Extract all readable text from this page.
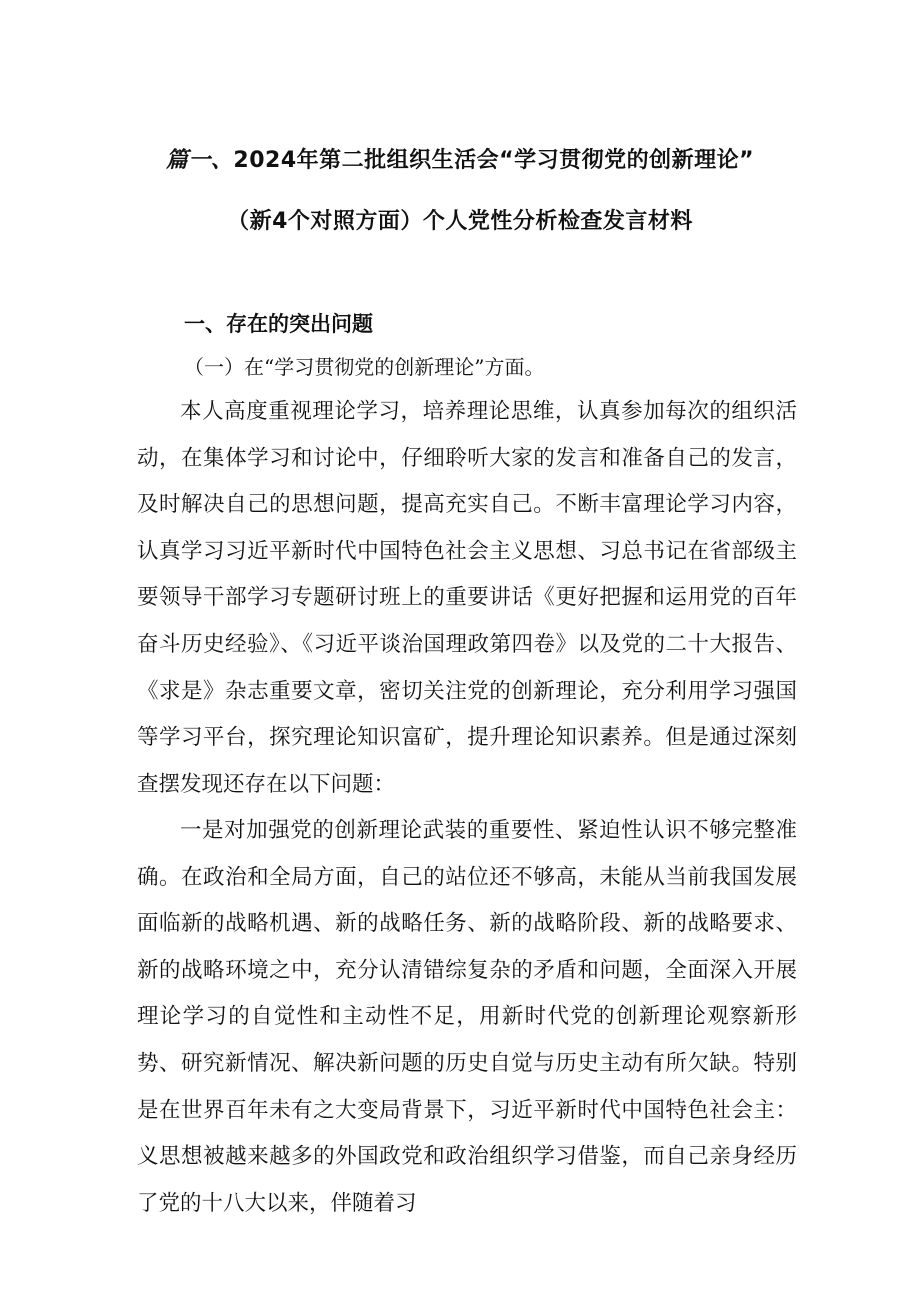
篇一、2024年第二批组织生活会“学习贯彻党的创新理论”
（新4个对照方面）个人党性分析检查发言材料
一、存在的突出问题
（一）在“学习贯彻党的创新理论”方面。

本人高度重视理论学习，培养理论思维，认真参加每次的组织活动，在集体学习和讨论中，仔细聆听大家的发言和准备自己的发言，及时解决自己的思想问题，提高充实自己。不断丰富理论学习内容，认真学习习近平新时代中国特色社会主义思想、习总书记在省部级主要领导干部学习专题研讨班上的重要讲话《更好把握和运用党的百年奋斗历史经验》、《习近平谈治国理政第四卷》以及党的二十大报告、《求是》杂志重要文章，密切关注党的创新理论，充分利用学习强国等学习平台，探究理论知识富矿，提升理论知识素养。但是通过深刻查摆发现还存在以下问题：

一是对加强党的创新理论武装的重要性、紧迫性认识不够完整准确。在政治和全局方面，自己的站位还不够高，未能从当前我国发展面临新的战略机遇、新的战略任务、新的战略阶段、新的战略要求、新的战略环境之中，充分认清错综复杂的矛盾和问题，全面深入开展理论学习的自觉性和主动性不足，用新时代党的创新理论观察新形势、研究新情况、解决新问题的历史自觉与历史主动有所欠缺。特别是在世界百年未有之大变局背景下，习近平新时代中国特色社会主：义思想被越来越多的外国政党和政治组织学习借鉴，而自己亲身经历了党的十八大以来，伴随着习
